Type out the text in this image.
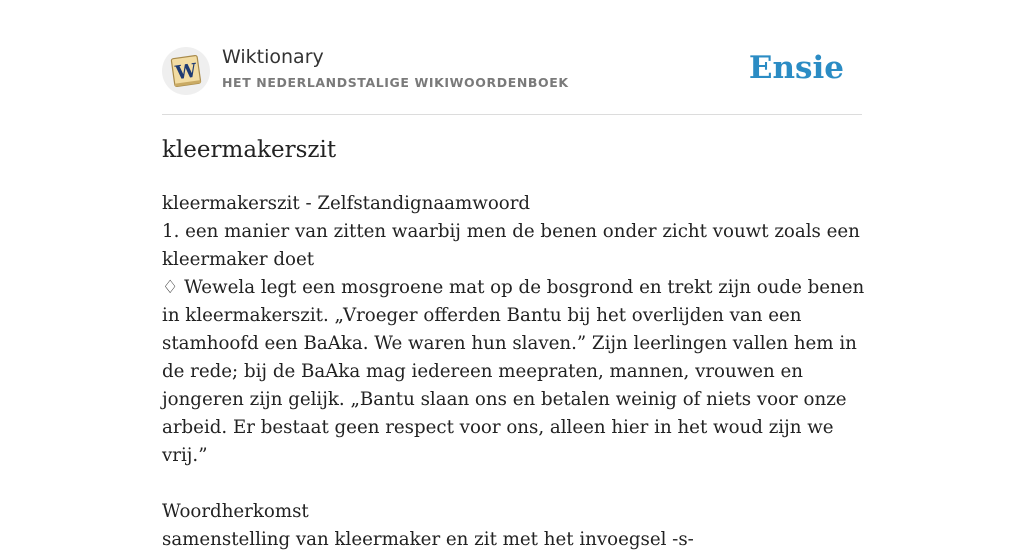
W
Wiktionary
HET NEDERLANDSTALIGE WIKIWOORDENBOEK	Ensie
kleermakerszit

kleermakerszit - Zelfstandignaamwoord

1. een manier van zitten waarbij men de benen onder zicht vouwt zoals een kleermaker doet

♢ Wewela legt een mosgroene mat op de bosgrond en trekt zijn oude benen in kleermakerszit. „Vroeger offerden Bantu bij het overlijden van een stamhoofd een BaAka. We waren hun slaven.” Zijn leerlingen vallen hem in de rede; bij de BaAka mag iedereen meepraten, mannen, vrouwen en jongeren zijn gelijk. „Bantu slaan ons en betalen weinig of niets voor onze arbeid. Er bestaat geen respect voor ons, alleen hier in het woud zijn we vrij.”

Woordherkomst

samenstelling van kleermaker en zit met het invoegsel -s-
